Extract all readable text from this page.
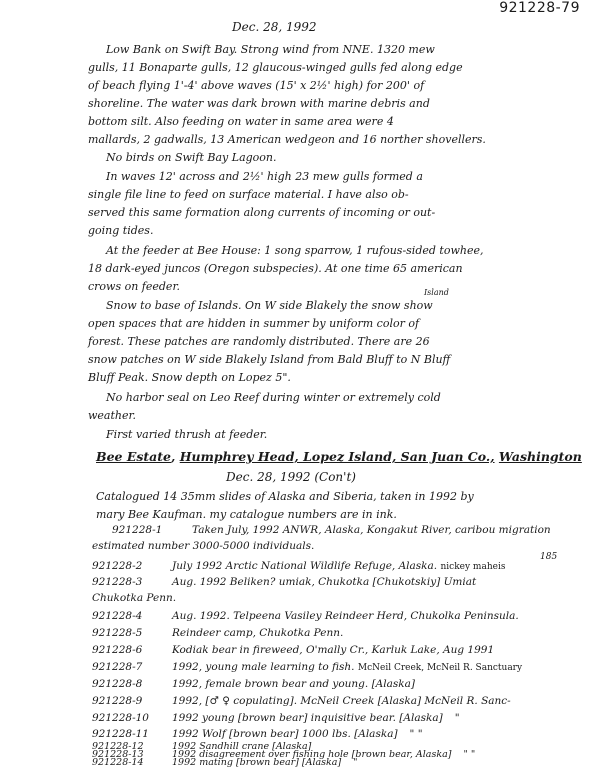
921228-79
Dec. 28, 1992
Low Bank on Swift Bay. Strong wind from NNE. 1320 mew
gulls, 11 Bonaparte gulls, 12 glaucous-winged gulls fed along edge
of beach flying 1'-4' above waves (15' x 2½' high) for 200' of
shoreline. The water was dark brown with marine debris and
bottom silt. Also feeding on water in same area were 4
mallards, 2 gadwalls, 13 American wedgeon and 16 norther shovellers.
No birds on Swift Bay Lagoon.
In waves 12' across and 2½' high 23 mew gulls formed a
single file line to feed on surface material. I have also ob-
served this same formation along currents of incoming or out-
going tides.
At the feeder at Bee House: 1 song sparrow, 1 rufous-sided towhee,
18 dark-eyed juncos (Oregon subspecies). At one time 65 american
crows on feeder.	Island
Snow to base of Islands. On W side Blakely the snow show
open spaces that are hidden in summer by uniform color of
forest. These patches are randomly distributed. There are 26
snow patches on W side Blakely Island from Bald Bluff to N Bluff
Bluff Peak. Snow depth on Lopez 5".
No harbor seal on Leo Reef during winter or extremely cold
weather.
First varied thrush at feeder.
Bee Estate, Humphrey Head, Lopez Island, San Juan Co., Washington
Dec. 28, 1992 (Con't)
Catalogued 14 35mm slides of Alaska and Siberia, taken in 1992 by
mary Bee Kaufman. my catalogue numbers are in ink.
185
921228-1	Taken July, 1992 ANWR, Alaska, Kongakut River, caribou migration
estimated number 3000-5000 individuals.
921228-2	July 1992 Arctic National Wildlife Refuge, Alaska. nickey maheis
921228-3	Aug. 1992 Beliken? umiak, Chukotka [Chukotskiy] Umiat
Chukotka Penn.
921228-4	Aug. 1992. Telpeena Vasiley Reindeer Herd, Chukolka Peninsula.
921228-5	Reindeer camp, Chukotka Penn.
921228-6	Kodiak bear in fireweed, O'mally Cr., Karluk Lake, Aug 1991
921228-7	1992, young male learning to fish. McNeil Creek, McNeil R. Sanctuary
921228-8	1992, female brown bear and young. [Alaska]
921228-9	1992, [♂ ♀ copulating]. McNeil Creek [Alaska] McNeil R. Sanc-
921228-10 1992 young [brown bear] inquisitive bear. [Alaska] "
921228-11 1992 Wolf [brown bear] 1000 lbs. [Alaska] " "
921228-12	1992 Sandhill crane [Alaska]
921228-13	1992 disagreement over fishing hole [brown bear, Alaska] " "
921228-14	1992 mating [brown bear] [Alaska] "
